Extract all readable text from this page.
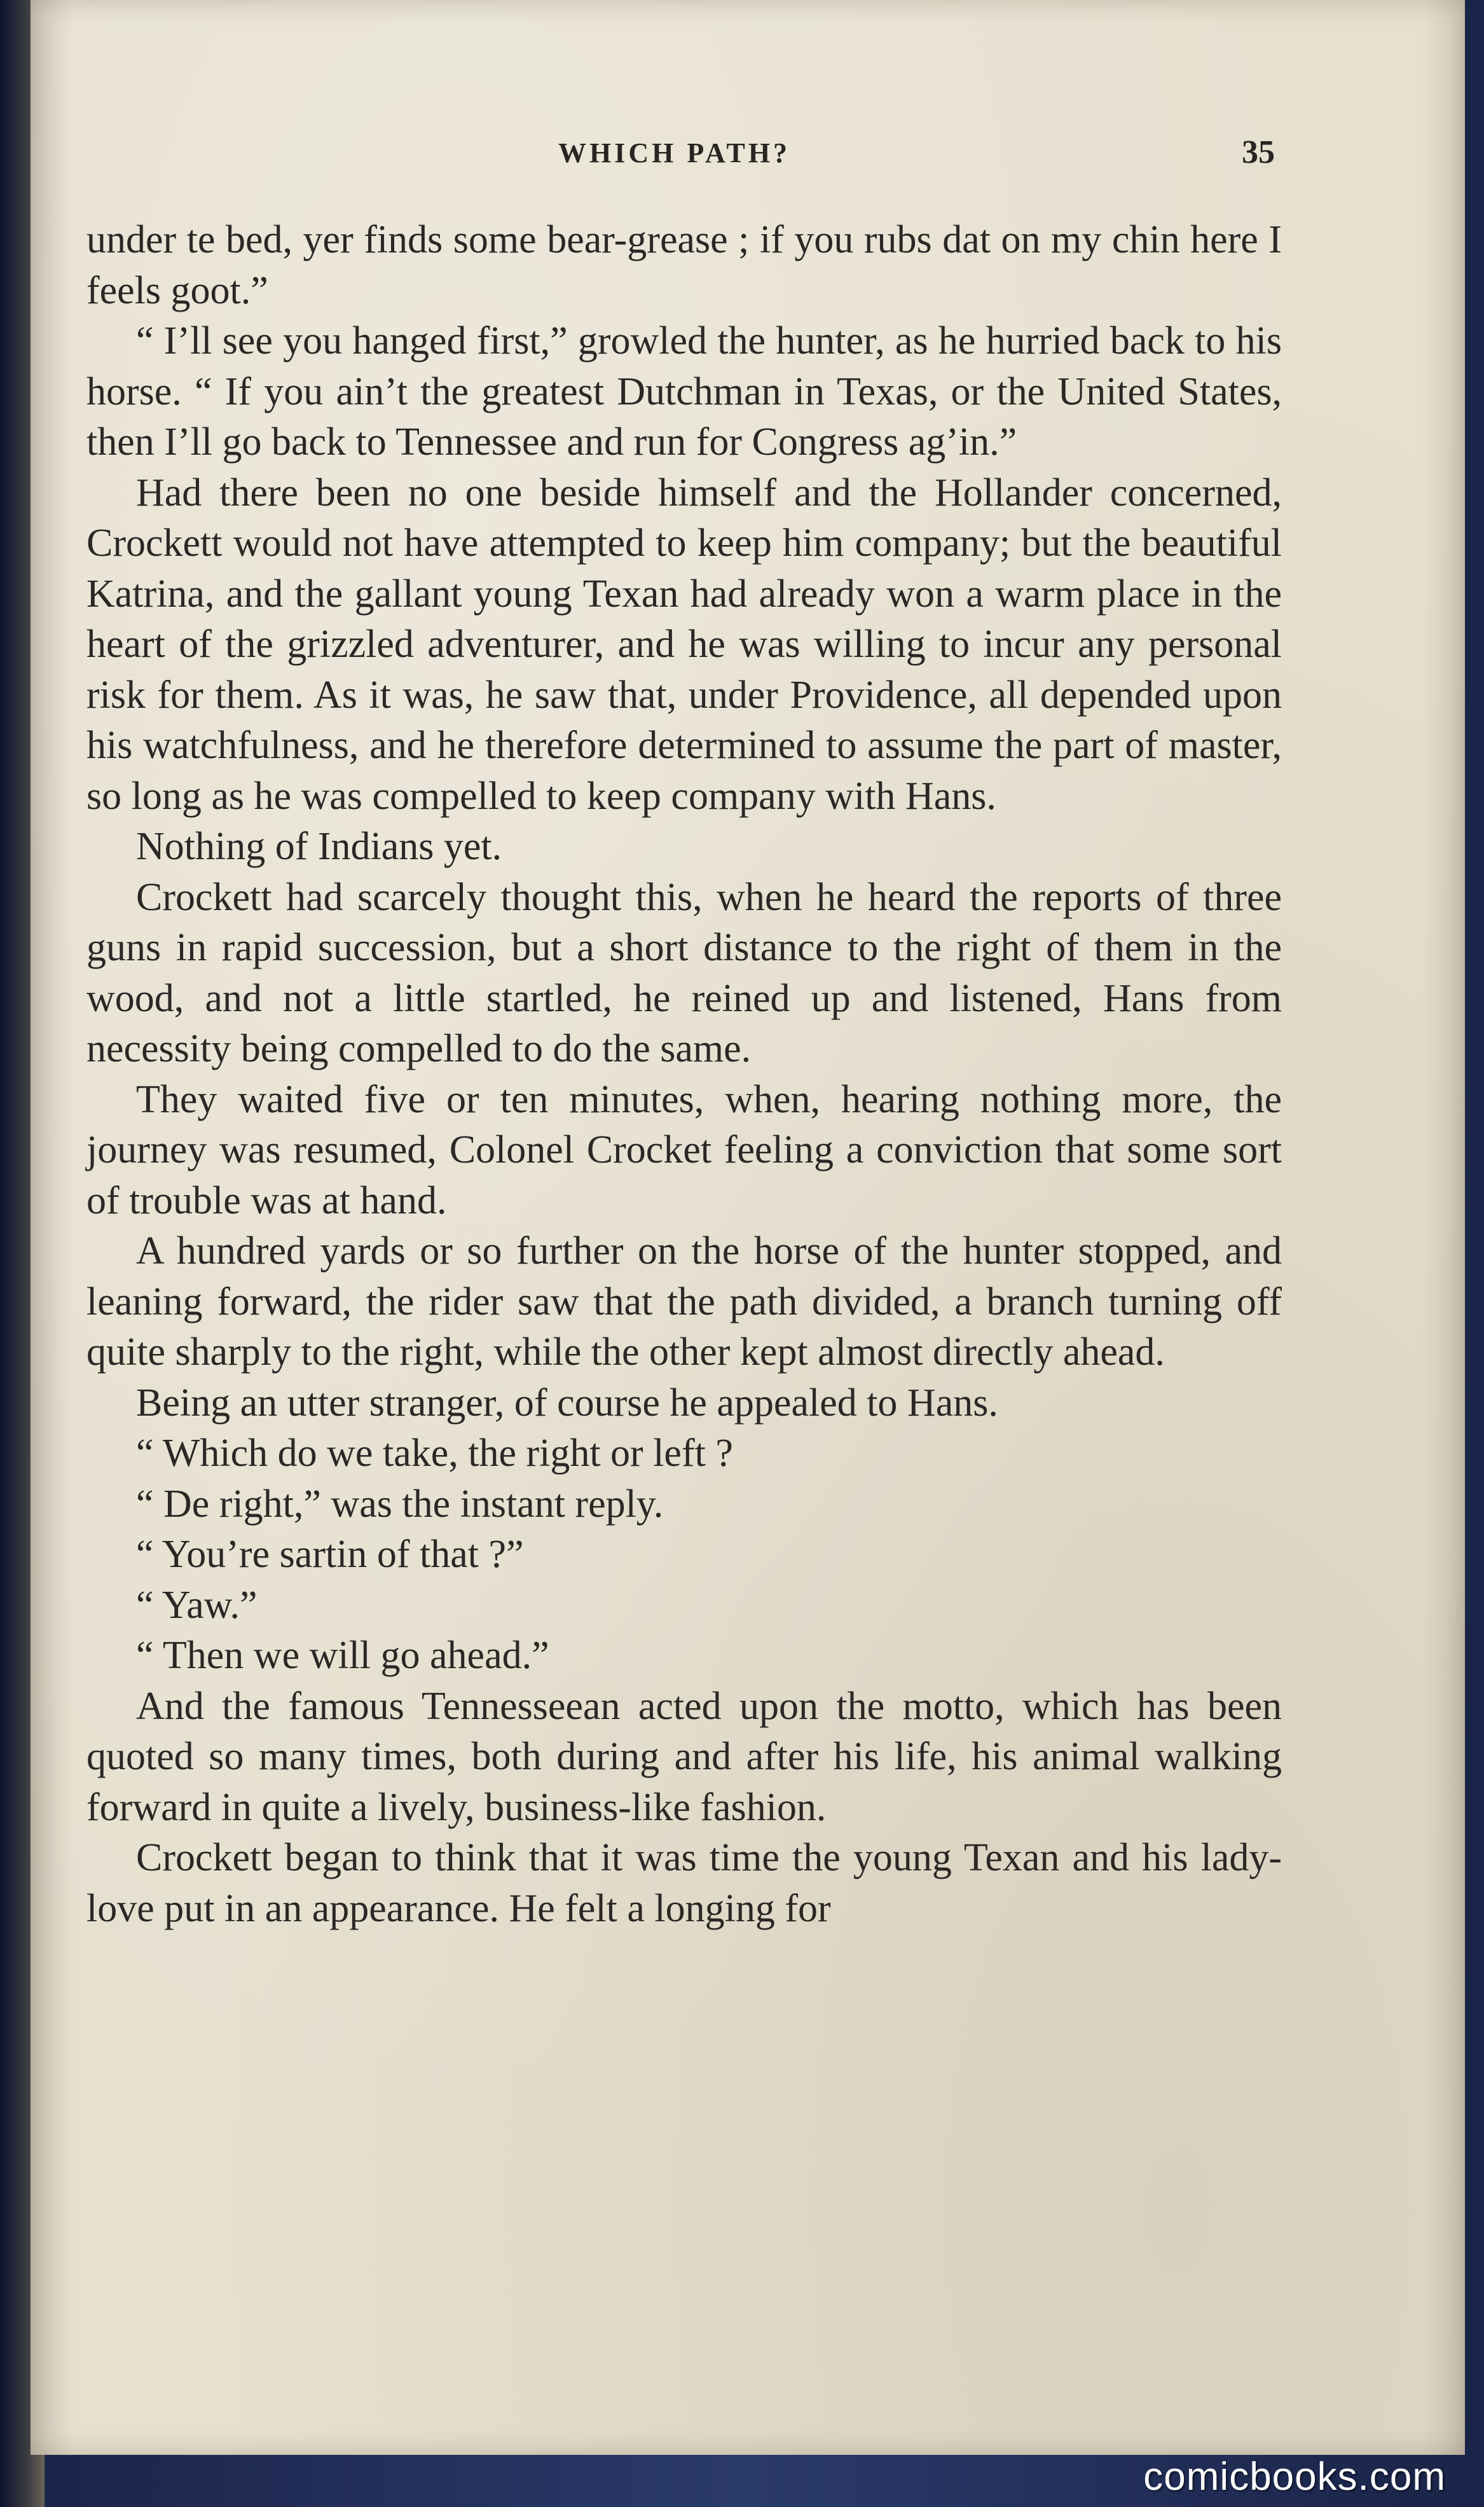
WHICH PATH?	35

under te bed, yer finds some bear-grease ; if you rubs dat on my chin here I feels goot.”

“ I’ll see you hanged first,” growled the hunter, as he hurried back to his horse. “ If you ain’t the greatest Dutchman in Texas, or the United States, then I’ll go back to Tennessee and run for Congress ag’in.”

Had there been no one beside himself and the Hollander concerned, Crockett would not have attempted to keep him company; but the beautiful Katrina, and the gallant young Texan had already won a warm place in the heart of the grizzled adventurer, and he was willing to incur any personal risk for them. As it was, he saw that, under Providence, all depended upon his watchfulness, and he therefore determined to assume the part of master, so long as he was compelled to keep company with Hans.

Nothing of Indians yet.

Crockett had scarcely thought this, when he heard the reports of three guns in rapid succession, but a short distance to the right of them in the wood, and not a little startled, he reined up and listened, Hans from necessity being compelled to do the same.

They waited five or ten minutes, when, hearing nothing more, the journey was resumed, Colonel Crocket feeling a conviction that some sort of trouble was at hand.

A hundred yards or so further on the horse of the hunter stopped, and leaning forward, the rider saw that the path divided, a branch turning off quite sharply to the right, while the other kept almost directly ahead.

Being an utter stranger, of course he appealed to Hans.

“ Which do we take, the right or left ?

“ De right,” was the instant reply.

“ You’re sartin of that ?”

“ Yaw.”

“ Then we will go ahead.”

And the famous Tennesseean acted upon the motto, which has been quoted so many times, both during and after his life, his animal walking forward in quite a lively, business-like fashion.

Crockett began to think that it was time the young Texan and his lady-love put in an appearance. He felt a longing for

comicbooks.com
